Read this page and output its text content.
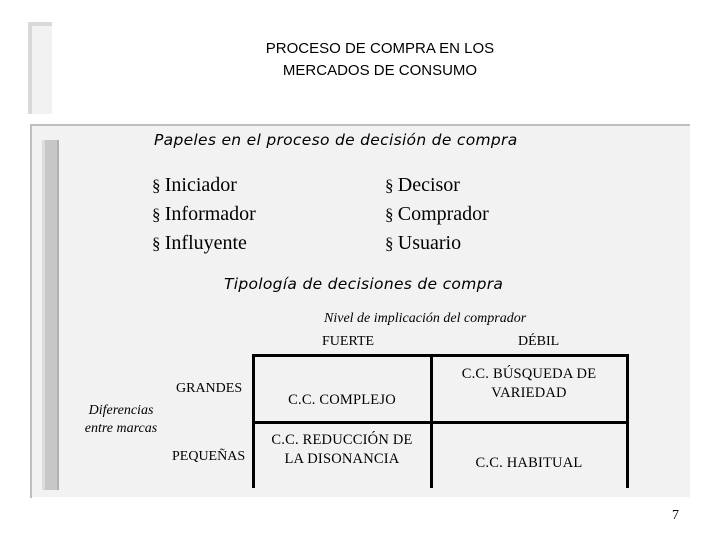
PROCESO DE COMPRA EN LOS
MERCADOS DE CONSUMO
Papeles en el proceso de decisión de compra
§ Iniciador
§ Informador
§ Influyente
§ Decisor
§ Comprador
§ Usuario
Tipología de decisiones de compra
Nivel de implicación del comprador
FUERTE	DÉBIL
Diferencias
entre marcas
GRANDES
PEQUEÑAS
C.C. COMPLEJO
C.C. BÚSQUEDA DE
VARIEDAD
C.C. REDUCCIÓN DE
LA DISONANCIA	C.C. HABITUAL
7
